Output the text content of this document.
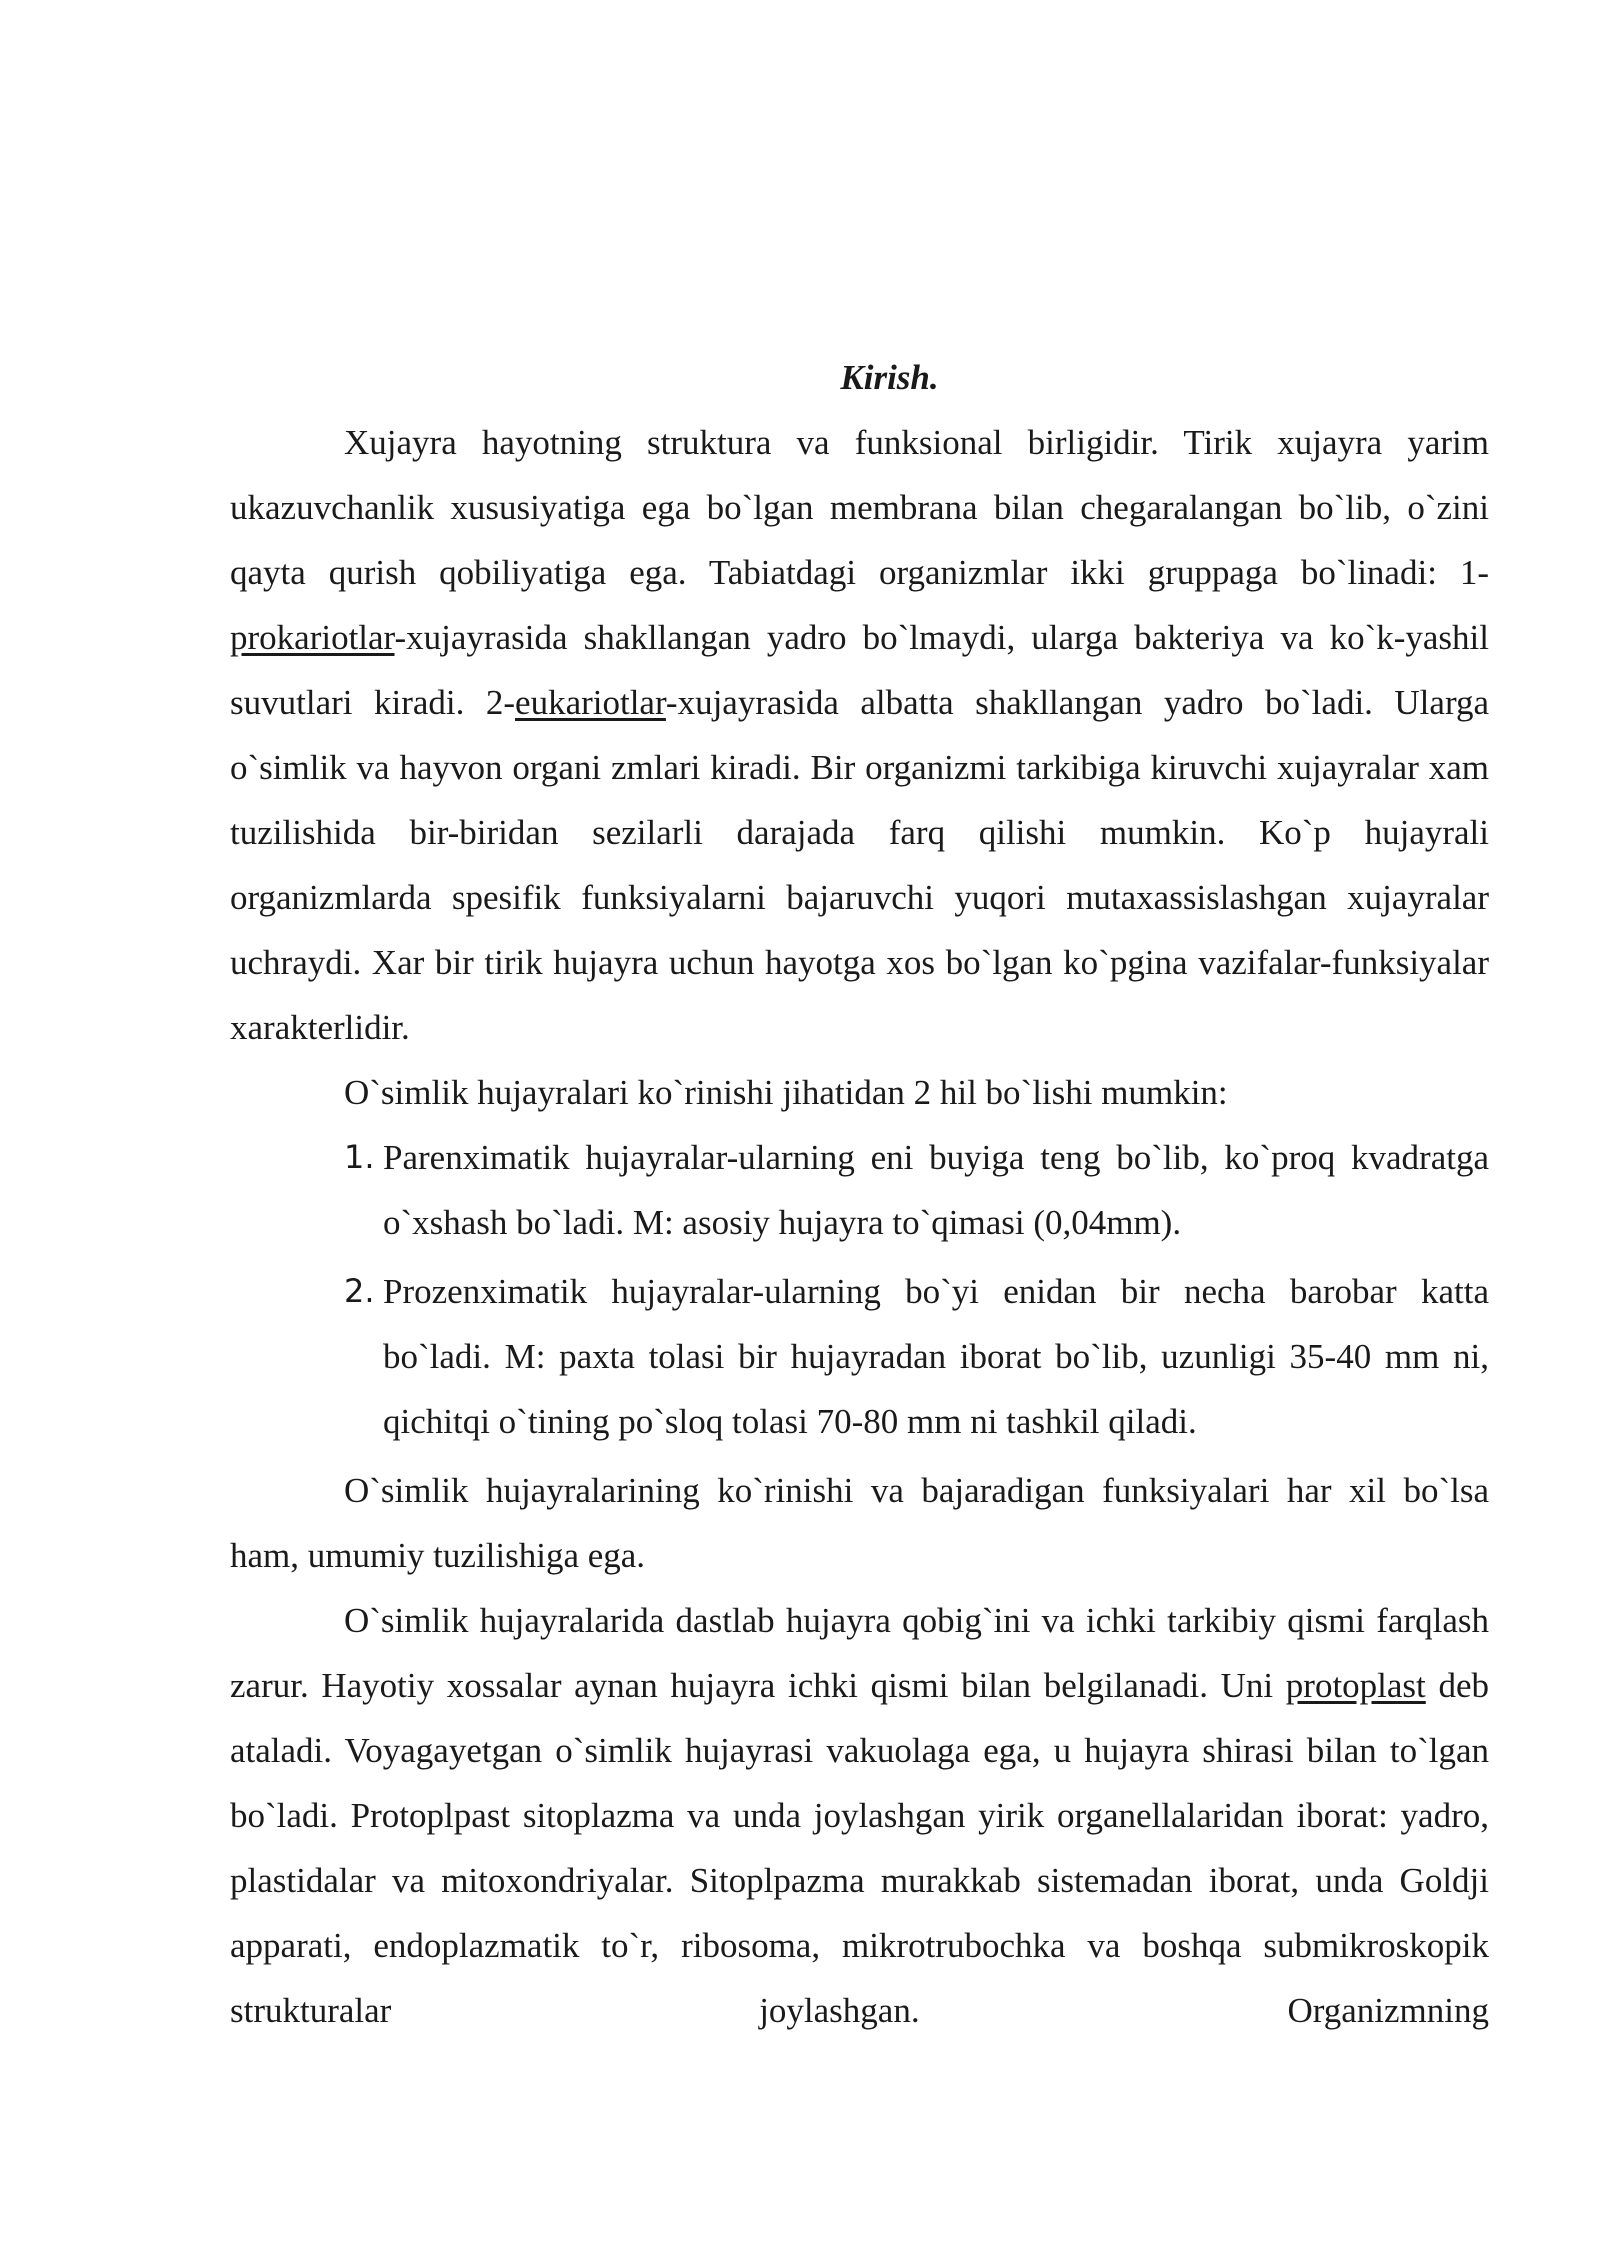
Kirish.

Xujayra hayotning struktura va funksional birligidir. Tirik xujayra yarim ukazuvchanlik xususiyatiga ega bo`lgan membrana bilan chegaralangan bo`lib, o`zini qayta qurish qobiliyatiga ega. Tabiatdagi organizmlar ikki gruppaga bo`linadi: 1-prokariotlar-xujayrasida shakllangan yadro bo`lmaydi, ularga bakteriya va ko`k-yashil suvutlari kiradi. 2-eukariotlar-xujayrasida albatta shakllangan yadro bo`ladi. Ularga o`simlik va hayvon organi zmlari kiradi. Bir organizmi tarkibiga kiruvchi xujayralar xam tuzilishida bir-biridan sezilarli darajada farq qilishi mumkin. Ko`p hujayrali organizmlarda spesifik funksiyalarni bajaruvchi yuqori mutaxassislashgan xujayralar uchraydi. Xar bir tirik hujayra uchun hayotga xos bo`lgan ko`pgina vazifalar-funksiyalar xarakterlidir.

O`simlik hujayralari ko`rinishi jihatidan 2 hil bo`lishi mumkin:

1. Parenximatik hujayralar-ularning eni buyiga teng bo`lib, ko`proq kvadratga o`xshash bo`ladi. M: asosiy hujayra to`qimasi (0,04mm).
2. Prozenximatik hujayralar-ularning bo`yi enidan bir necha barobar katta bo`ladi. M: paxta tolasi bir hujayradan iborat bo`lib, uzunligi 35-40 mm ni, qichitqi o`tining po`sloq tolasi 70-80 mm ni tashkil qiladi.

O`simlik hujayralarining ko`rinishi va bajaradigan funksiyalari har xil bo`lsa ham, umumiy tuzilishiga ega.

O`simlik hujayralarida dastlab hujayra qobig`ini va ichki tarkibiy qismi farqlash zarur. Hayotiy xossalar aynan hujayra ichki qismi bilan belgilanadi. Uni protoplast deb ataladi. Voyagayetgan o`simlik hujayrasi vakuolaga ega, u hujayra shirasi bilan to`lgan bo`ladi. Protoplpast sitoplazma va unda joylashgan yirik organellalaridan iborat: yadro, plastidalar va mitoxondriyalar. Sitoplpazma murakkab sistemadan iborat, unda Goldji apparati, endoplazmatik to`r, ribosoma, mikrotrubochka va boshqa submikroskopik strukturalar joylashgan. Organizmning
